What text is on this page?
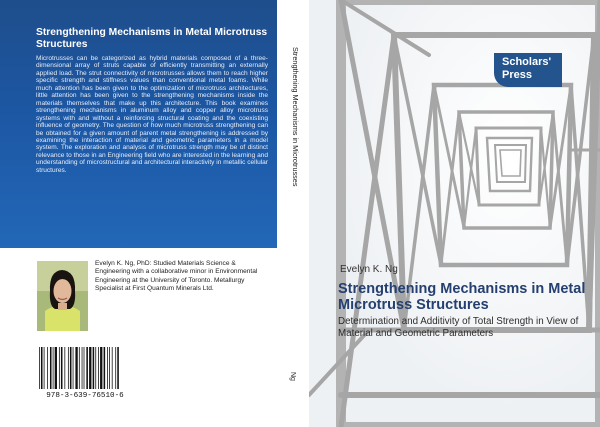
Strengthening Mechanisms in Metal Microtruss Structures
Microtrusses can be categorized as hybrid materials composed of a three-dimensional array of struts capable of efficiently transmitting an externally applied load. The strut connectivity of microtrusses allows them to reach higher specific strength and stiffness values than conventional metal foams. While much attention has been given to the optimization of microtruss architectures, little attention has been given to the strengthening mechanisms inside the materials themselves that make up this architecture. This book examines strengthening mechanisms in aluminum alloy and copper alloy microtruss systems with and without a reinforcing structural coating and the coexisting influence of geometry. The question of how much microtruss strengthening can be obtained for a given amount of parent metal strengthening is addressed by examining the interaction of material and geometric parameters in a model system. The exploration and analysis of microtruss strength may be of distinct relevance to those in an Engineering field who are interested in the learning and understanding of microstructural and architectural interactivity in metallic cellular structures.
Evelyn K. Ng, PhD: Studied Materials Science & Engineering with a collaborative minor in Environmental Engineering at the University of Toronto. Metallurgy Specialist at First Quantum Minerals Ltd.
978-3-639-76510-6
Strengthening Mechanisms in Microtrusses
Ng
Scholars'
Press
Evelyn K. Ng
Strengthening Mechanisms in Metal Microtruss Structures
Determination and Additivity of Total Strength in View of Material and Geometric Parameters
